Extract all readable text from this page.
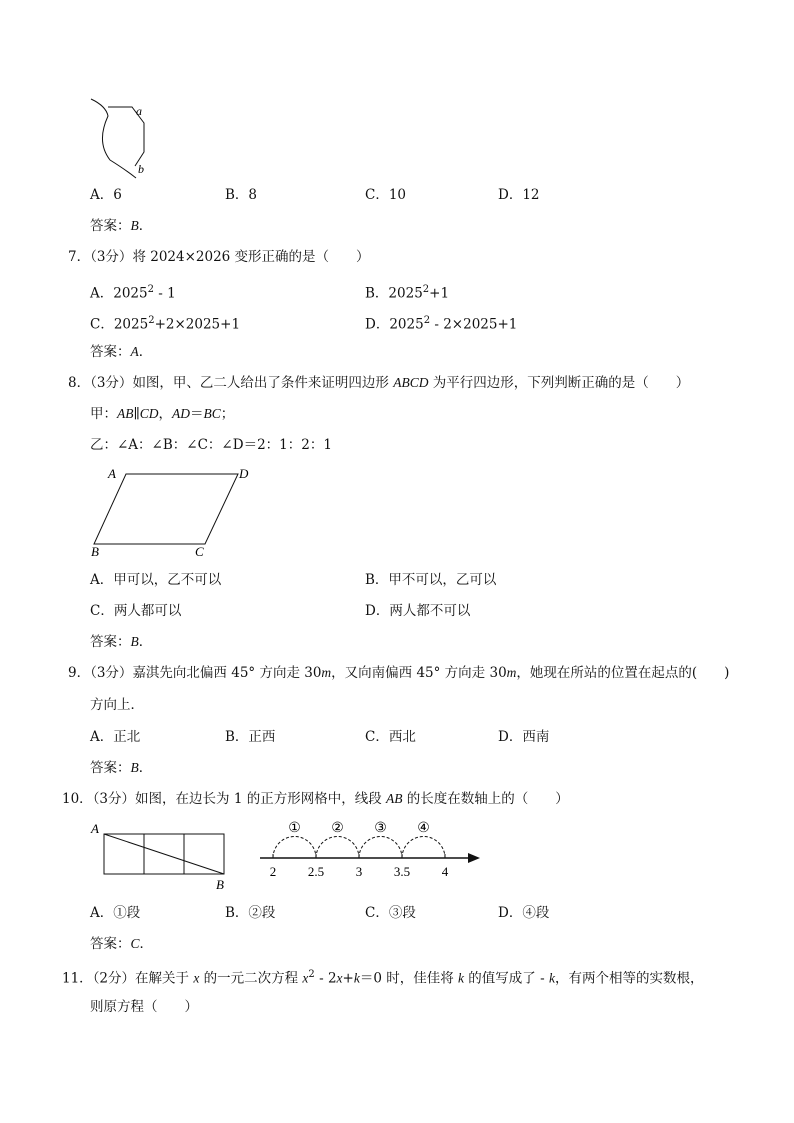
a
b
A．6	B．8	C．10	D．12
答案：B．
7．（3分）将 2024×2026 变形正确的是（　　）
A．2025$^2$ - 1	B．$2025^2+1$
C．$2025^2+2\times 2025+1$	D．2025$^2$ - 2×2025+1
答案：A．
8．（3分）如图，甲、乙二人给出了条件来证明四边形 ABCD 为平行四边形，下列判断正确的是（　　）
甲：AB∥CD，AD＝BC；
乙：∠A：∠B：∠C：∠D＝2：1：2：1
A	D
B	C
A．甲可以，乙不可以	B．甲不可以，乙可以
C．两人都可以	D．两人都不可以
答案：B．
9．（3分）嘉淇先向北偏西 45° 方向走 30m，又向南偏西 45° 方向走 30m，她现在所站的位置在起点的(　　)
方向上．
A．正北	B．正西	C．西北	D．西南
答案：B．
10．（3分）如图，在边长为 1 的正方形网格中，线段 AB 的长度在数轴上的（　　）
A
B
① ② ③ ④
2 2.5 3 3.5 4
A．①段	B．②段	C．③段	D．④段
答案：C．
11．（2分）在解关于 x 的一元二次方程 $x^2 - 2x+k=0$ 时，佳佳将 k 的值写成了 - k，有两个相等的实数根，
则原方程（　　）
